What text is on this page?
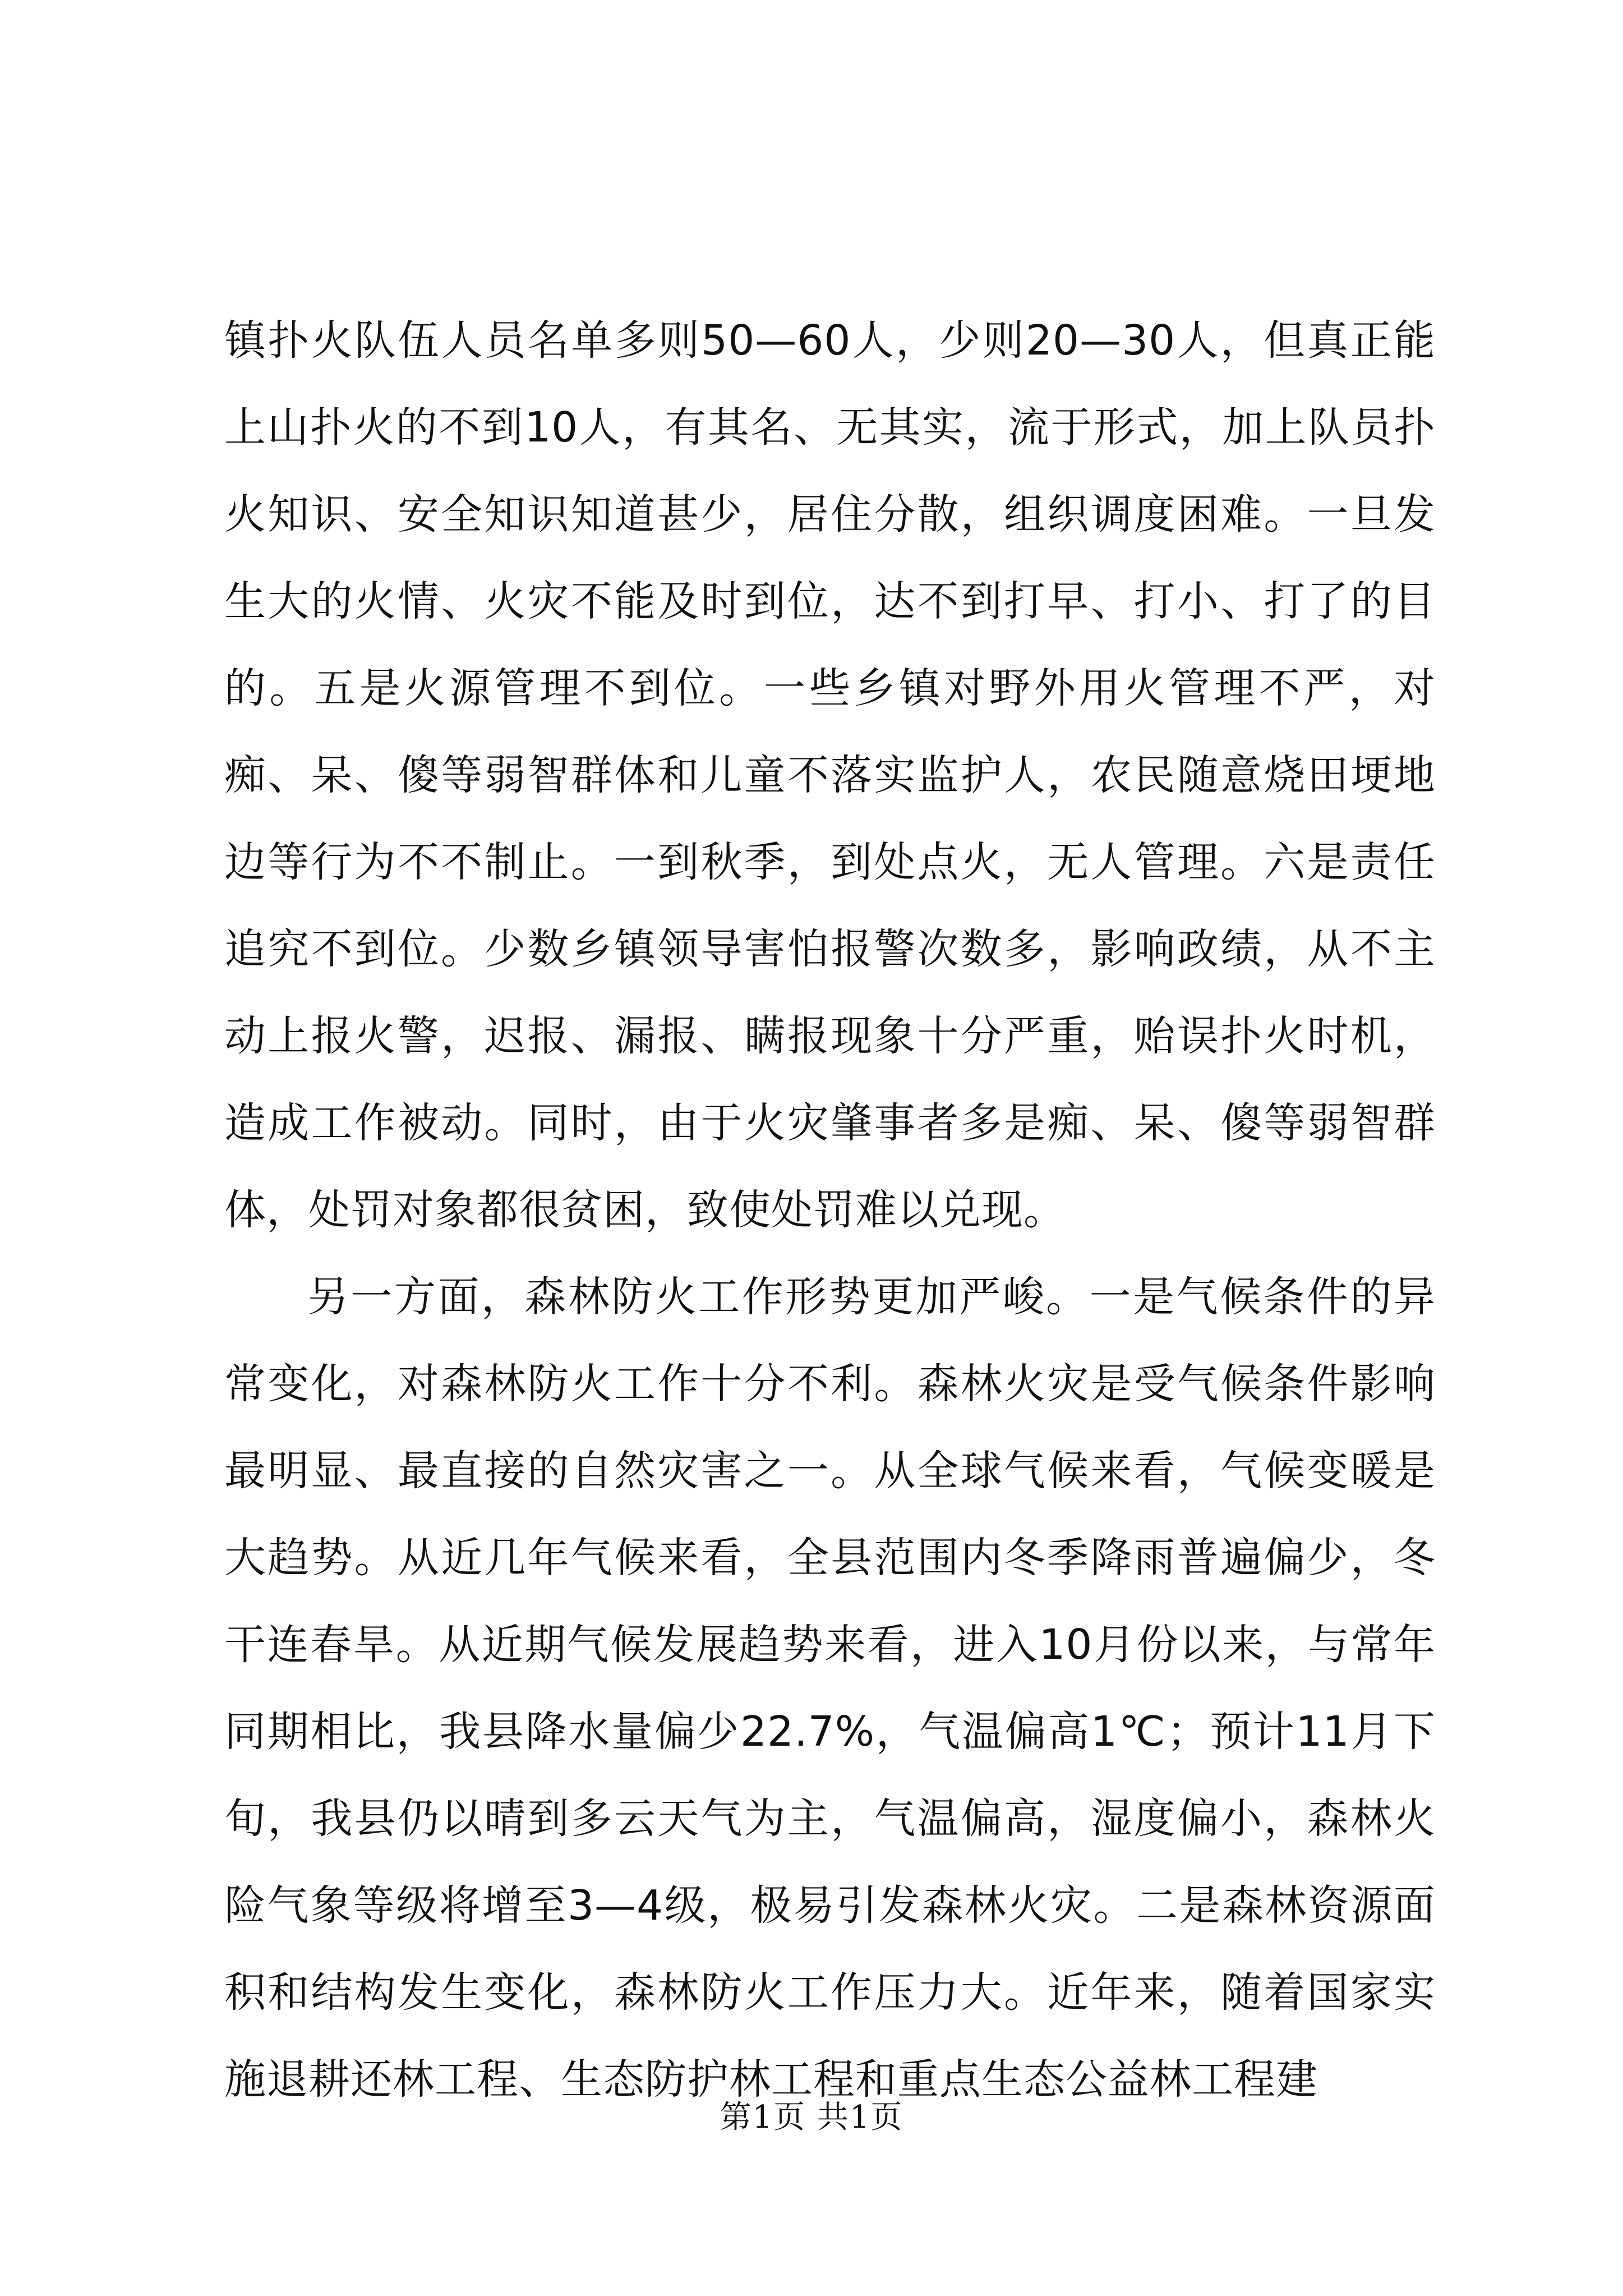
镇扑火队伍人员名单多则50—60人，少则20—30人，但真正能上山扑火的不到10人，有其名、无其实，流于形式，加上队员扑火知识、安全知识知道甚少，居住分散，组织调度困难。一旦发生大的火情、火灾不能及时到位，达不到打早、打小、打了的目的。五是火源管理不到位。一些乡镇对野外用火管理不严，对痴、呆、傻等弱智群体和儿童不落实监护人，农民随意烧田埂地边等行为不不制止。一到秋季，到处点火，无人管理。六是责任追究不到位。少数乡镇领导害怕报警次数多，影响政绩，从不主动上报火警，迟报、漏报、瞒报现象十分严重，贻误扑火时机，造成工作被动。同时，由于火灾肇事者多是痴、呆、傻等弱智群体，处罚对象都很贫困，致使处罚难以兑现。

另一方面，森林防火工作形势更加严峻。一是气候条件的异常变化，对森林防火工作十分不利。森林火灾是受气候条件影响最明显、最直接的自然灾害之一。从全球气候来看，气候变暖是大趋势。从近几年气候来看，全县范围内冬季降雨普遍偏少，冬干连春旱。从近期气候发展趋势来看，进入10月份以来，与常年同期相比，我县降水量偏少22.7%，气温偏高1℃；预计11月下旬，我县仍以晴到多云天气为主，气温偏高，湿度偏小，森林火险气象等级将增至3—4级，极易引发森林火灾。二是森林资源面积和结构发生变化，森林防火工作压力大。近年来，随着国家实施退耕还林工程、生态防护林工程和重点生态公益林工程建

第1页 共1页
